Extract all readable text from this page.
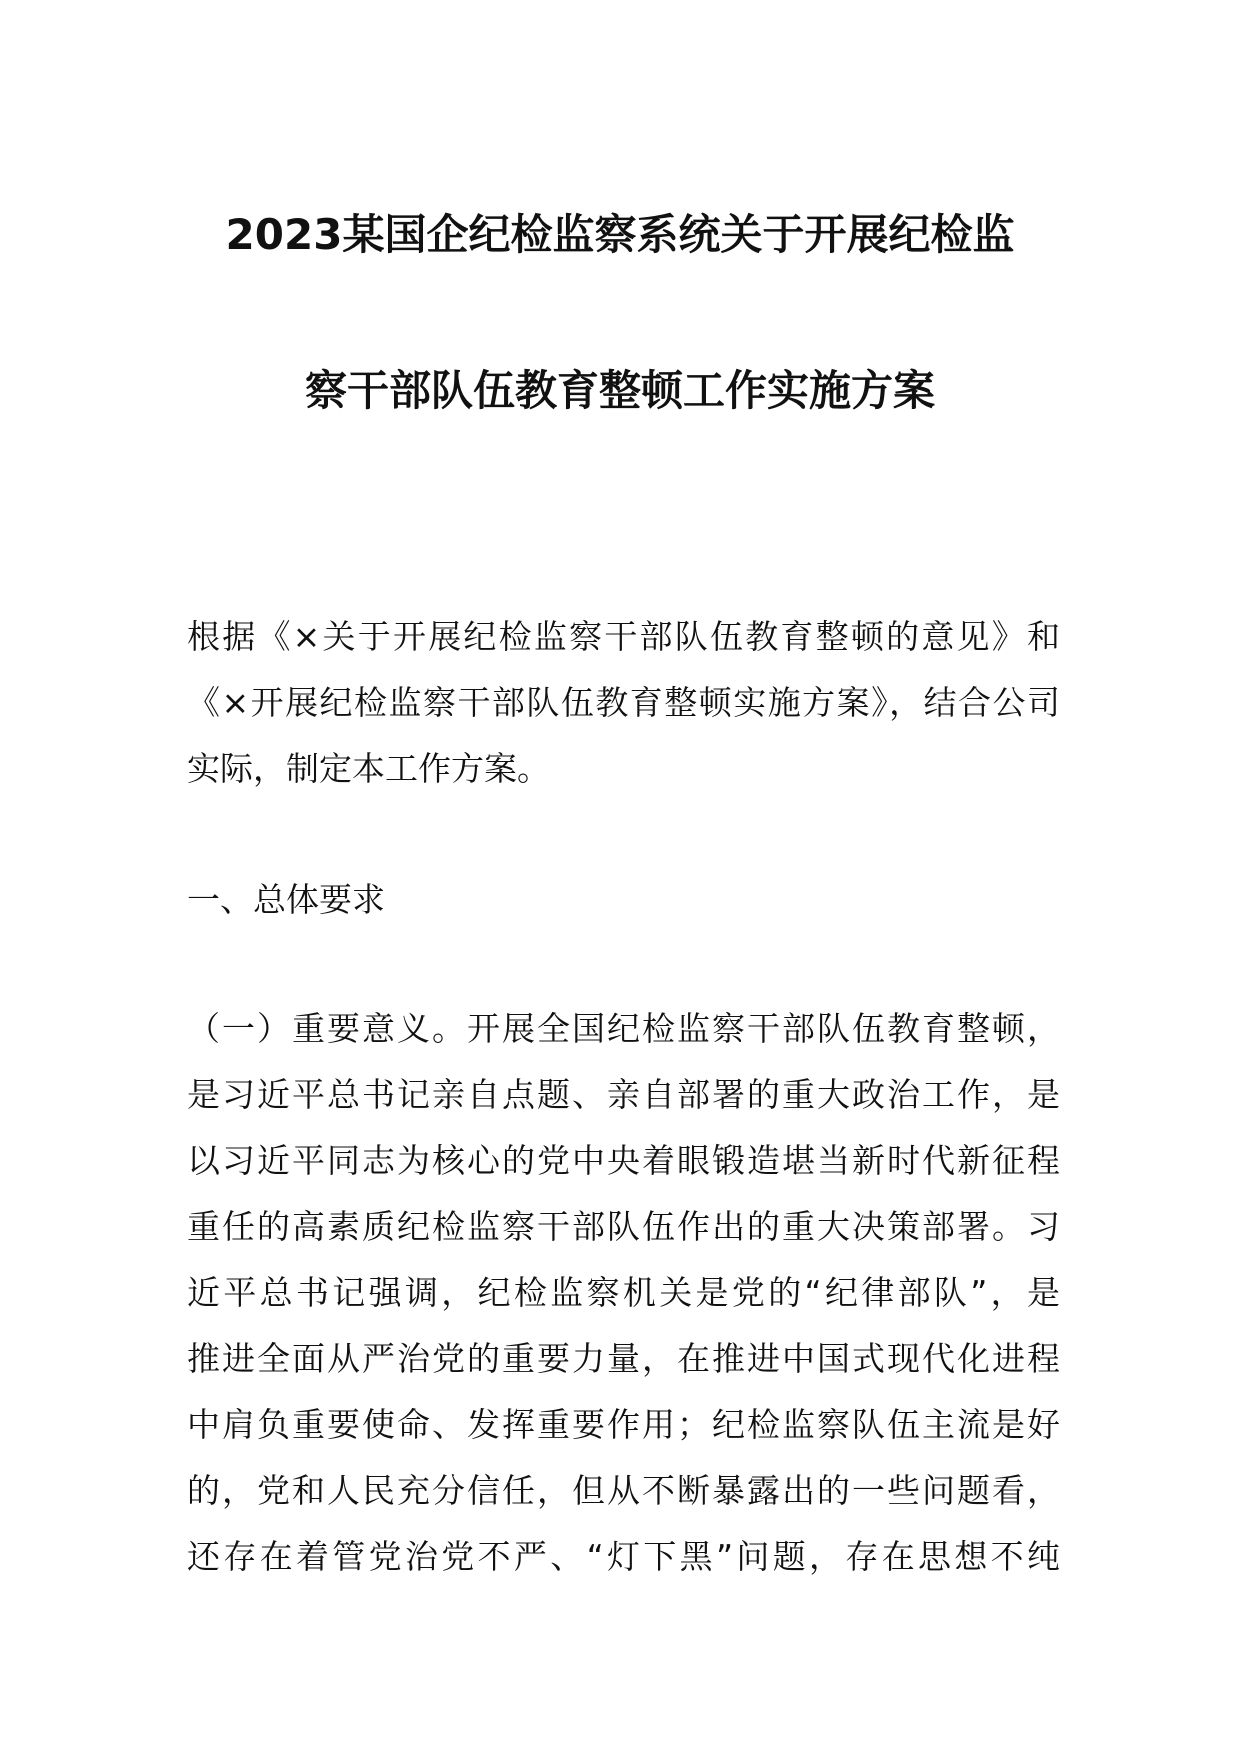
2023某国企纪检监察系统关于开展纪检监
察干部队伍教育整顿工作实施方案
根据《×关于开展纪检监察干部队伍教育整顿的意见》和
《×开展纪检监察干部队伍教育整顿实施方案》，结合公司
实际，制定本工作方案。
一、总体要求
（一）重要意义。开展全国纪检监察干部队伍教育整顿，
是习近平总书记亲自点题、亲自部署的重大政治工作，是
以习近平同志为核心的党中央着眼锻造堪当新时代新征程
重任的高素质纪检监察干部队伍作出的重大决策部署。习
近平总书记强调，纪检监察机关是党的“纪律部队”，是
推进全面从严治党的重要力量，在推进中国式现代化进程
中肩负重要使命、发挥重要作用；纪检监察队伍主流是好
的，党和人民充分信任，但从不断暴露出的一些问题看，
还存在着管党治党不严、“灯下黑”问题，存在思想不纯
